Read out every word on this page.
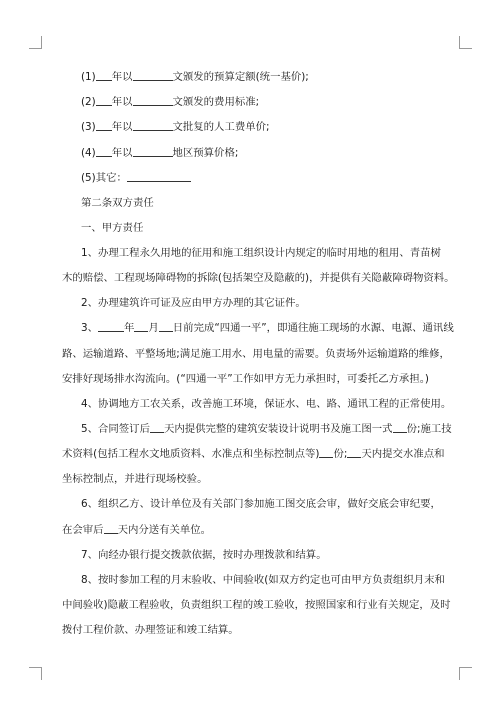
(1) 年以	文颁发的预算定额(统一基价);
(2) 年以	文颁发的费用标准;
(3) 年以	文批复的人工费单价;
(4) 年以	地区预算价格;
(5)其它：
第二条双方责任
一、甲方责任
1、办理工程永久用地的征用和施工组织设计内规定的临时用地的租用、青苗树
木的赔偿、工程现场障碍物的拆除(包括架空及隐蔽的)，并提供有关隐蔽障碍物资料。
2、办理建筑许可证及应由甲方办理的其它证件。
3、	年 月 日前完成“四通一平”，即通往施工现场的水源、电源、通讯线
路、运输道路、平整场地;满足施工用水、用电量的需要。负责场外运输道路的维修，
安排好现场排水沟流向。(“四通一平”工作如甲方无力承担时，可委托乙方承担。)
4、协调地方工农关系，改善施工环境，保证水、电、路、通讯工程的正常使用。
5、合同签订后 天内提供完整的建筑安装设计说明书及施工图一式 份;施工技
术资料(包括工程水文地质资料、水准点和坐标控制点等) 份; 天内提交水准点和
坐标控制点，并进行现场校验。
6、组织乙方、设计单位及有关部门参加施工图交底会审，做好交底会审纪要，
在会审后 天内分送有关单位。
7、向经办银行提交拨款依据，按时办理拨款和结算。
8、按时参加工程的月末验收、中间验收(如双方约定也可由甲方负责组织月末和
中间验收)隐蔽工程验收，负责组织工程的竣工验收，按照国家和行业有关规定，及时
拨付工程价款、办理签证和竣工结算。
